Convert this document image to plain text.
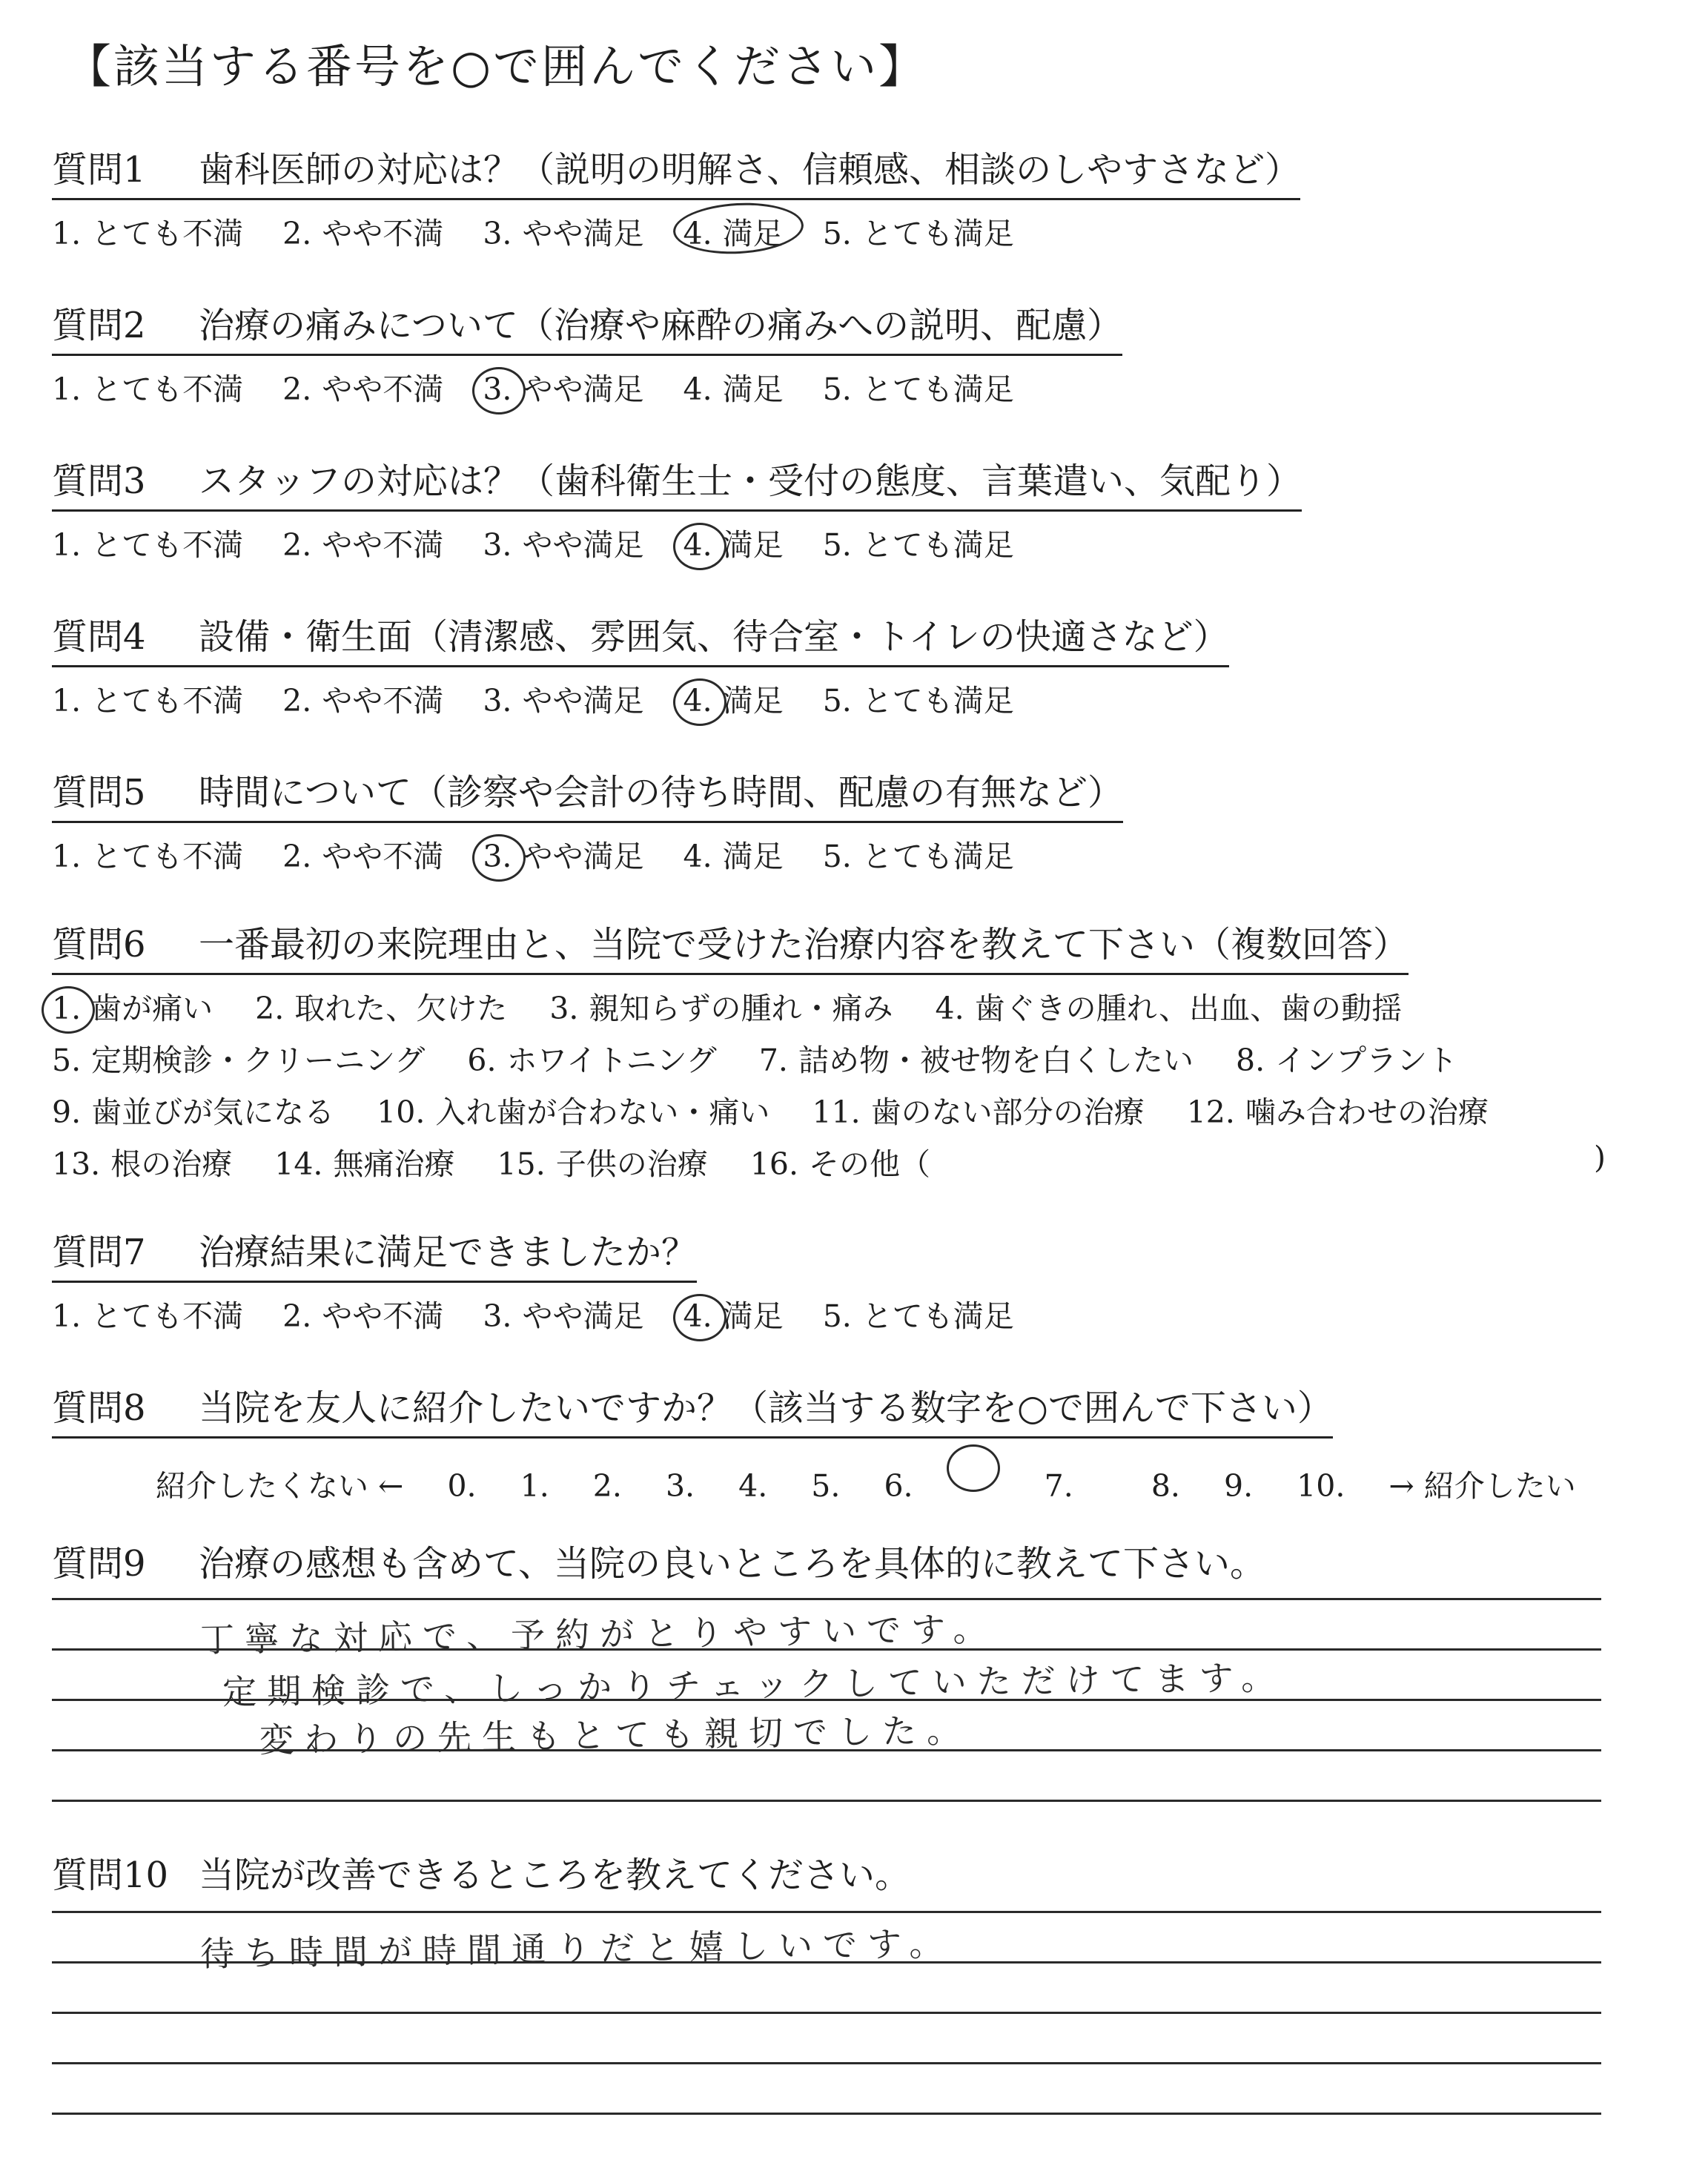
【該当する番号を○で囲んでください】
質問1 歯科医師の対応は？（説明の明解さ、信頼感、相談のしやすさなど）
1. とても不満 2. やや不満 3. やや満足 4. 満足 5. とても満足
質問2 治療の痛みについて（治療や麻酔の痛みへの説明、配慮）
1. とても不満 2. やや不満 3. やや満足 4. 満足 5. とても満足
質問3 スタッフの対応は？（歯科衛生士・受付の態度、言葉遣い、気配り）
1. とても不満 2. やや不満 3. やや満足 4. 満足 5. とても満足
質問4 設備・衛生面（清潔感、雰囲気、待合室・トイレの快適さなど）
1. とても不満 2. やや不満 3. やや満足 4. 満足 5. とても満足
質問5 時間について（診察や会計の待ち時間、配慮の有無など）
1. とても不満 2. やや不満 3. やや満足 4. 満足 5. とても満足
質問6 一番最初の来院理由と、当院で受けた治療内容を教えて下さい（複数回答）
1. 歯が痛い 2. 取れた、欠けた 3. 親知らずの腫れ・痛み 4. 歯ぐきの腫れ、出血、歯の動揺
5. 定期検診・クリーニング 6. ホワイトニング 7. 詰め物・被せ物を白くしたい 8. インプラント
9. 歯並びが気になる 10. 入れ歯が合わない・痛い 11. 歯のない部分の治療 12. 噛み合わせの治療
13. 根の治療 14. 無痛治療 15. 子供の治療 16. その他（	)
質問7 治療結果に満足できましたか？
1. とても不満 2. やや不満 3. やや満足 4. 満足 5. とても満足
質問8 当院を友人に紹介したいですか？（該当する数字を○で囲んで下さい）
紹介したくない ← 0. 1. 2. 3. 4. 5. 6.	7.	8. 9. 10. → 紹介したい
質問9 治療の感想も含めて、当院の良いところを具体的に教えて下さい。
丁寧な対応で、予約がとりやすいです。
定期検診で、しっかりチェックしていただけてます。
変わりの先生もとても親切でした。
質問10 当院が改善できるところを教えてください。
待ち時間が時間通りだと嬉しいです。
